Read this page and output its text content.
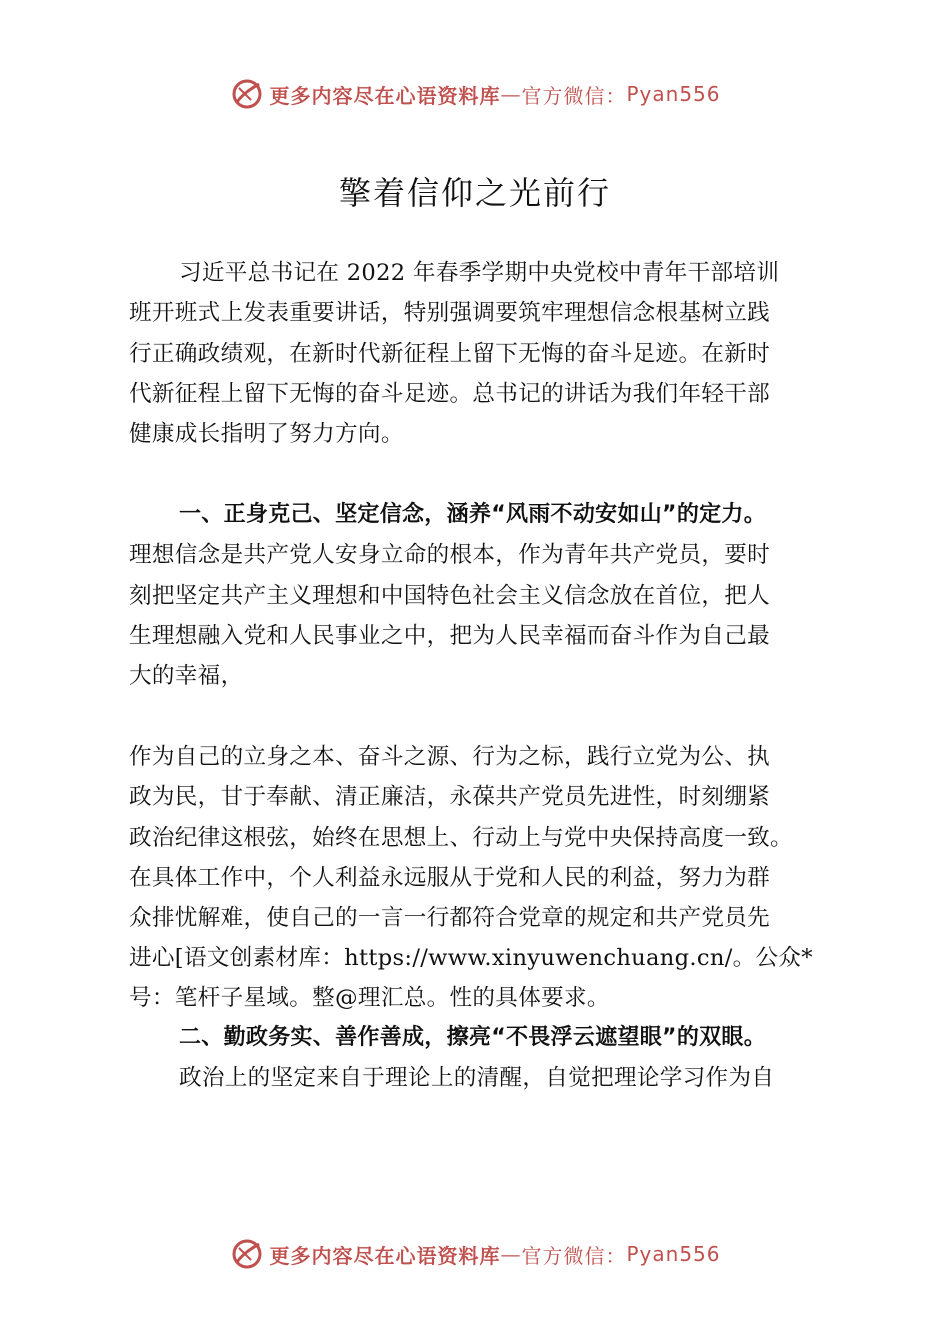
更多内容尽在心语资料库 — 官方微信： Pyan556
擎着信仰之光前行
习近平总书记在 2022 年春季学期中央党校中青年干部培训
班开班式上发表重要讲话，特别强调要筑牢理想信念根基树立践
行正确政绩观，在新时代新征程上留下无悔的奋斗足迹。在新时
代新征程上留下无悔的奋斗足迹。总书记的讲话为我们年轻干部
健康成长指明了努力方向。
一、正身克己、坚定信念，涵养“风雨不动安如山”的定力。
理想信念是共产党人安身立命的根本，作为青年共产党员，要时
刻把坚定共产主义理想和中国特色社会主义信念放在首位，把人
生理想融入党和人民事业之中，把为人民幸福而奋斗作为自己最
大的幸福，
作为自己的立身之本、奋斗之源、行为之标，践行立党为公、执
政为民，甘于奉献、清正廉洁，永葆共产党员先进性，时刻绷紧
政治纪律这根弦，始终在思想上、行动上与党中央保持高度一致。
在具体工作中，个人利益永远服从于党和人民的利益，努力为群
众排忧解难，使自己的一言一行都符合党章的规定和共产党员先
进心[语文创素材库：https://www.xinyuwenchuang.cn/。公众*
号：笔杆子星域。整@理汇总。性的具体要求。
二、勤政务实、善作善成，擦亮“不畏浮云遮望眼”的双眼。
政治上的坚定来自于理论上的清醒，自觉把理论学习作为自
更多内容尽在心语资料库 — 官方微信： Pyan556
